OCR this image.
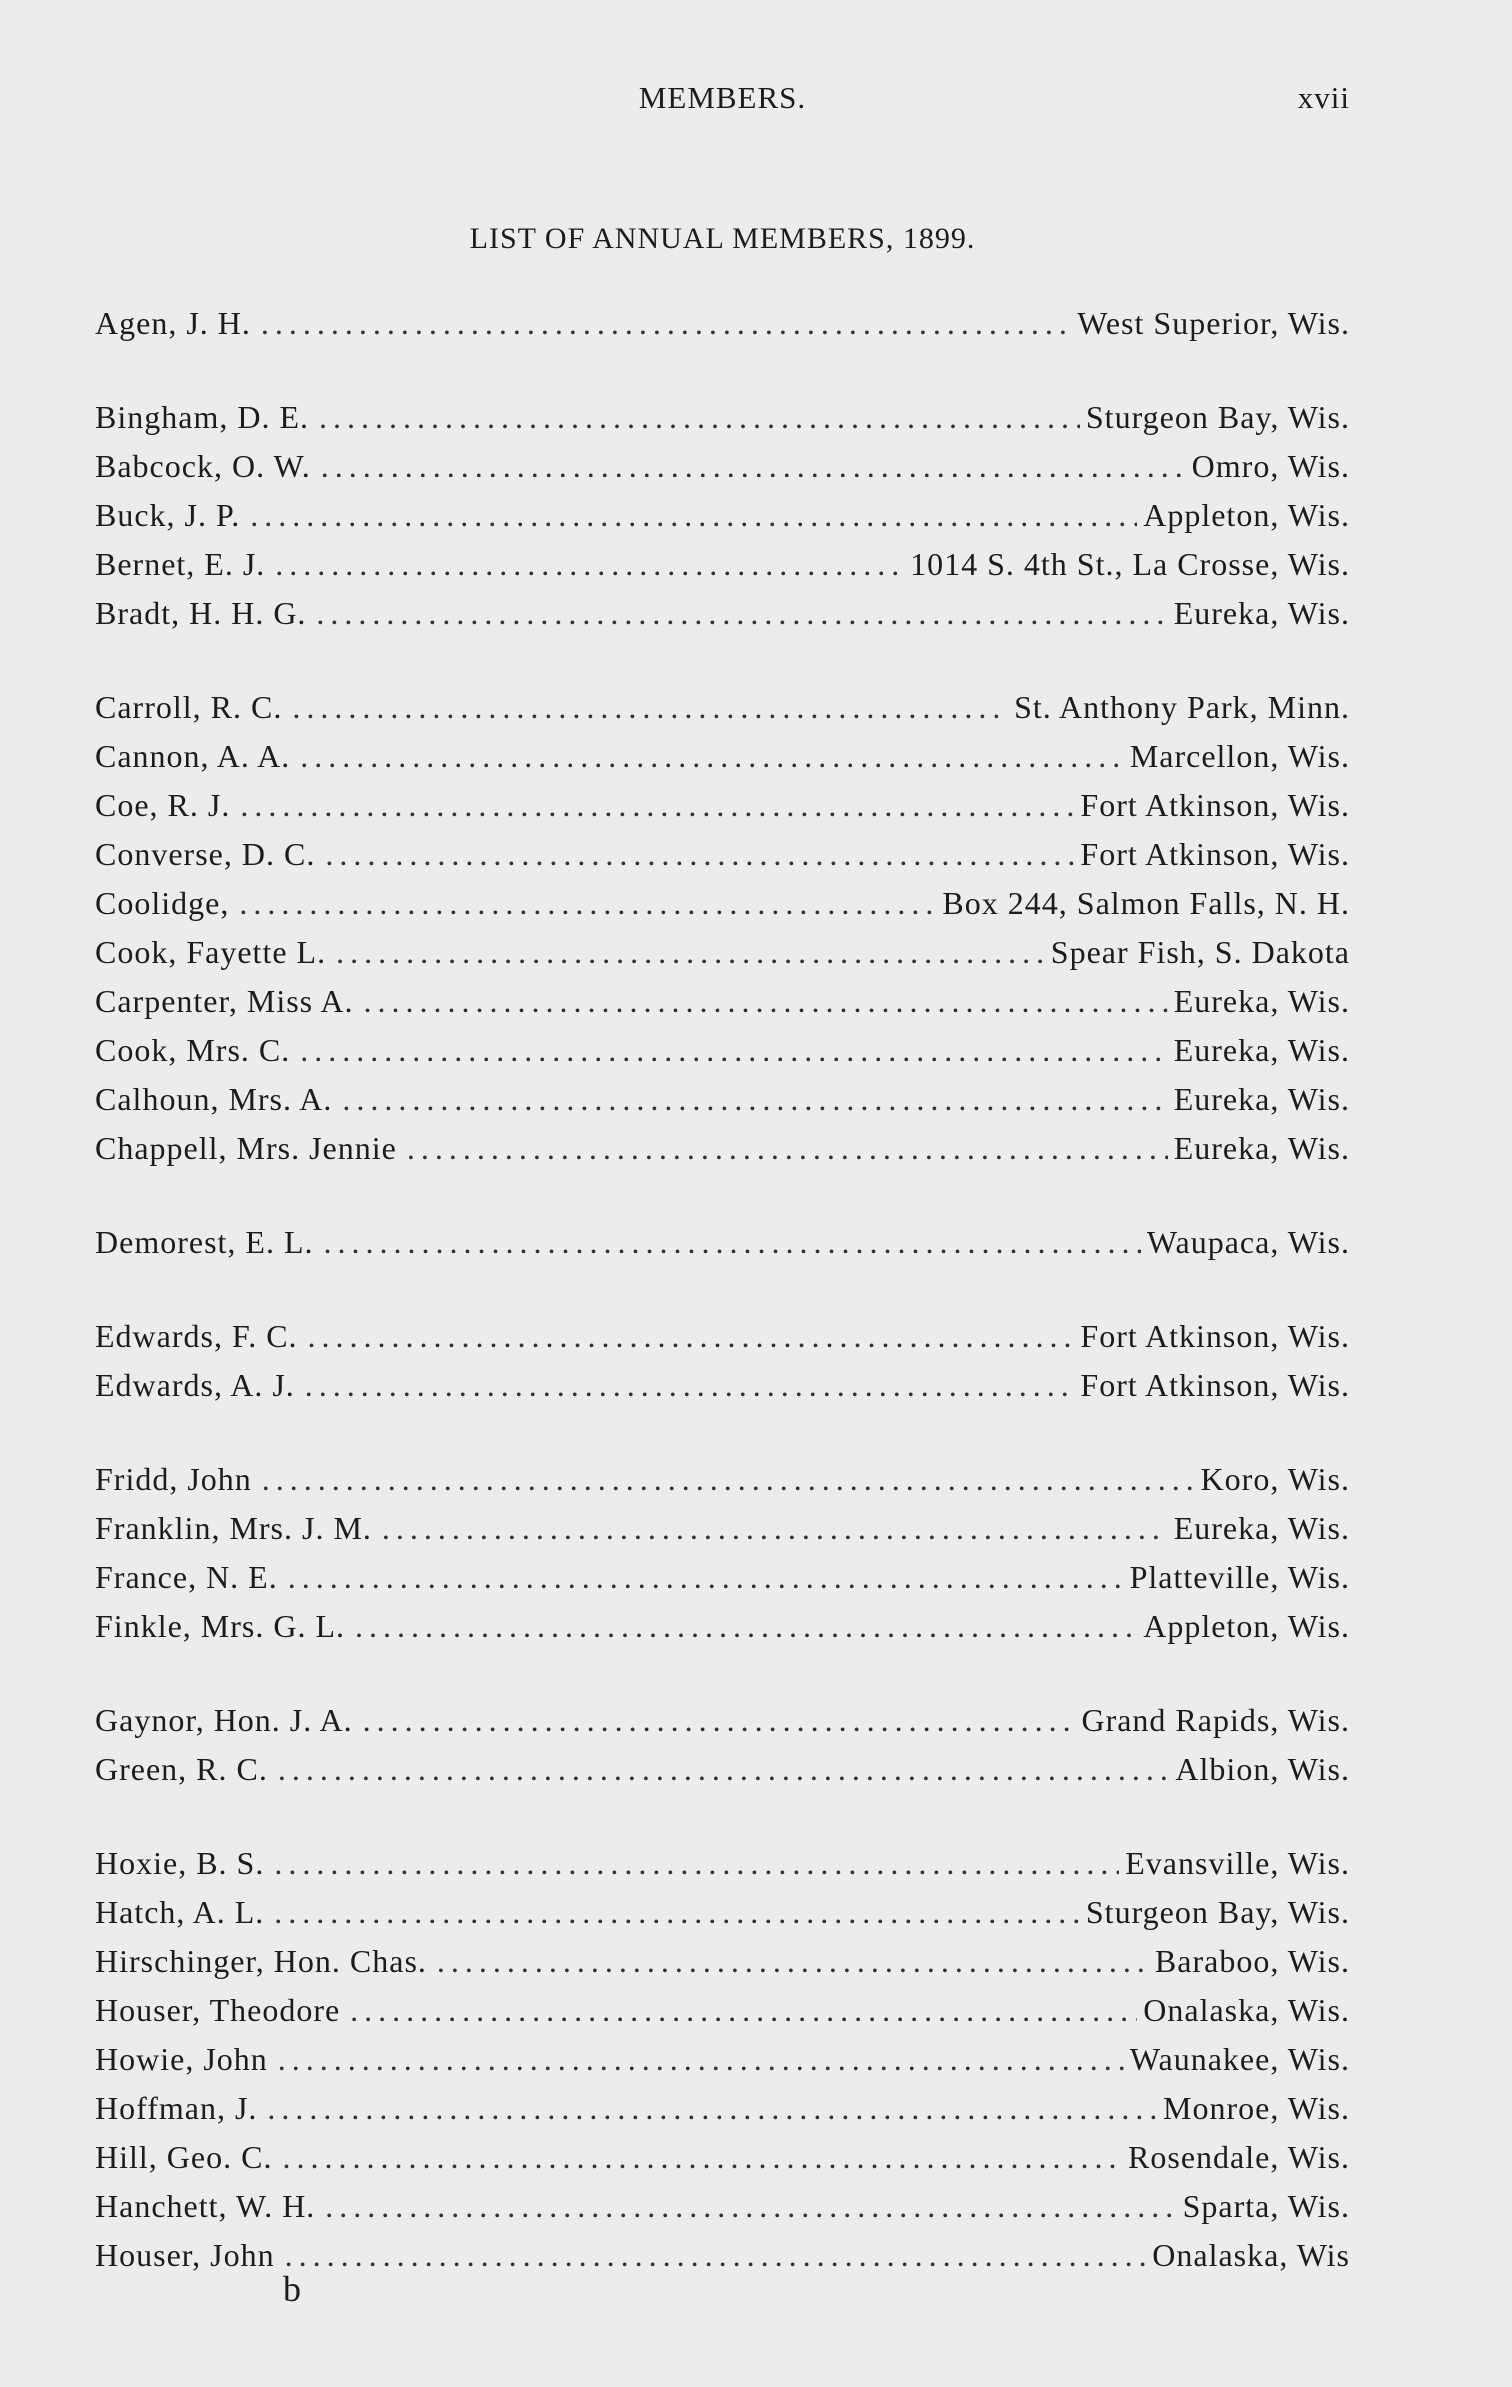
MEMBERS.	xvii
LIST OF ANNUAL MEMBERS, 1899.
Agen, J. H. . . .	West Superior, Wis.
Bingham, D. E. . . .	Sturgeon Bay, Wis.
Babcock, O. W. . . .	Omro, Wis.
Buck, J. P. . . .	Appleton, Wis.
Bernet, E. J. . . .	1014 S. 4th St., La Crosse, Wis.
Bradt, H. H. G. . . .	Eureka, Wis.
Carroll, R. C. . . .	St. Anthony Park, Minn.
Cannon, A. A. . . .	Marcellon, Wis.
Coe, R. J. . . .	Fort Atkinson, Wis.
Converse, D. C. . . .	Fort Atkinson, Wis.
Coolidge, . . .	Box 244, Salmon Falls, N. H.
Cook, Fayette L. . . .	Spear Fish, S. Dakota
Carpenter, Miss A. . . .	Eureka, Wis.
Cook, Mrs. C. . . .	Eureka, Wis.
Calhoun, Mrs. A. . . .	Eureka, Wis.
Chappell, Mrs. Jennie . . .	Eureka, Wis.
Demorest, E. L. . . .	Waupaca, Wis.
Edwards, F. C. . . .	Fort Atkinson, Wis.
Edwards, A. J. . . .	Fort Atkinson, Wis.
Fridd, John . . .	Koro, Wis.
Franklin, Mrs. J. M. . . .	Eureka, Wis.
France, N. E. . . .	Platteville, Wis.
Finkle, Mrs. G. L. . . .	Appleton, Wis.
Gaynor, Hon. J. A. . . .	Grand Rapids, Wis.
Green, R. C. . . .	Albion, Wis.
Hoxie, B. S. . . .	Evansville, Wis.
Hatch, A. L. . . .	Sturgeon Bay, Wis.
Hirschinger, Hon. Chas. . . .	Baraboo, Wis.
Houser, Theodore . . .	Onalaska, Wis.
Howie, John . . .	Waunakee, Wis.
Hoffman, J. . . .	Monroe, Wis.
Hill, Geo. C. . . .	Rosendale, Wis.
Hanchett, W. H. . . .	Sparta, Wis.
Houser, John . . .	Onalaska, Wis
b
